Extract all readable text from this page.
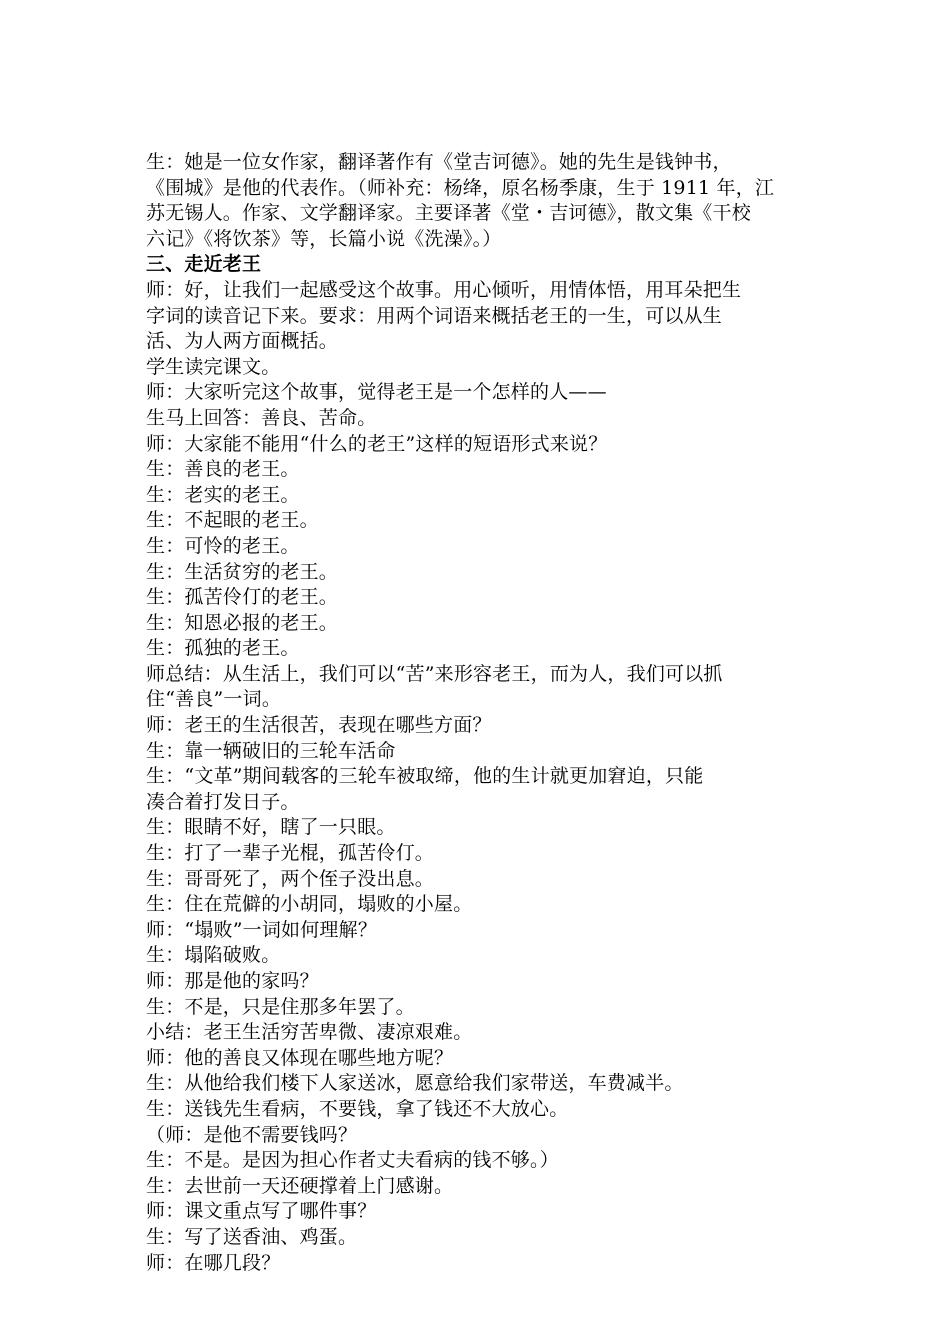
生：她是一位女作家，翻译著作有《堂吉诃德》。她的先生是钱钟书，
《围城》是他的代表作。（师补充：杨绛，原名杨季康，生于 1911 年，江
苏无锡人。作家、文学翻译家。主要译著《堂・吉诃德》，散文集《干校
六记》《将饮茶》等，长篇小说《洗澡》。）
三、走近老王
师：好，让我们一起感受这个故事。用心倾听，用情体悟，用耳朵把生
字词的读音记下来。要求：用两个词语来概括老王的一生，可以从生
活、为人两方面概括。
学生读完课文。
师：大家听完这个故事，觉得老王是一个怎样的人——
生马上回答：善良、苦命。
师：大家能不能用“什么的老王”这样的短语形式来说？
生：善良的老王。
生：老实的老王。
生：不起眼的老王。
生：可怜的老王。
生：生活贫穷的老王。
生：孤苦伶仃的老王。
生：知恩必报的老王。
生：孤独的老王。
师总结：从生活上，我们可以“苦”来形容老王，而为人，我们可以抓
住“善良”一词。
师：老王的生活很苦，表现在哪些方面？
生：靠一辆破旧的三轮车活命
生：“文革”期间载客的三轮车被取缔，他的生计就更加窘迫，只能
凑合着打发日子。
生：眼睛不好，瞎了一只眼。
生：打了一辈子光棍，孤苦伶仃。
生：哥哥死了，两个侄子没出息。
生：住在荒僻的小胡同，塌败的小屋。
师：“塌败”一词如何理解？
生：塌陷破败。
师：那是他的家吗？
生：不是，只是住那多年罢了。
小结：老王生活穷苦卑微、凄凉艰难。
师：他的善良又体现在哪些地方呢？
生：从他给我们楼下人家送冰，愿意给我们家带送，车费减半。
生：送钱先生看病，不要钱，拿了钱还不大放心。
（师：是他不需要钱吗？
生：不是。是因为担心作者丈夫看病的钱不够。）
生：去世前一天还硬撑着上门感谢。
师：课文重点写了哪件事？
生：写了送香油、鸡蛋。
师：在哪几段？
